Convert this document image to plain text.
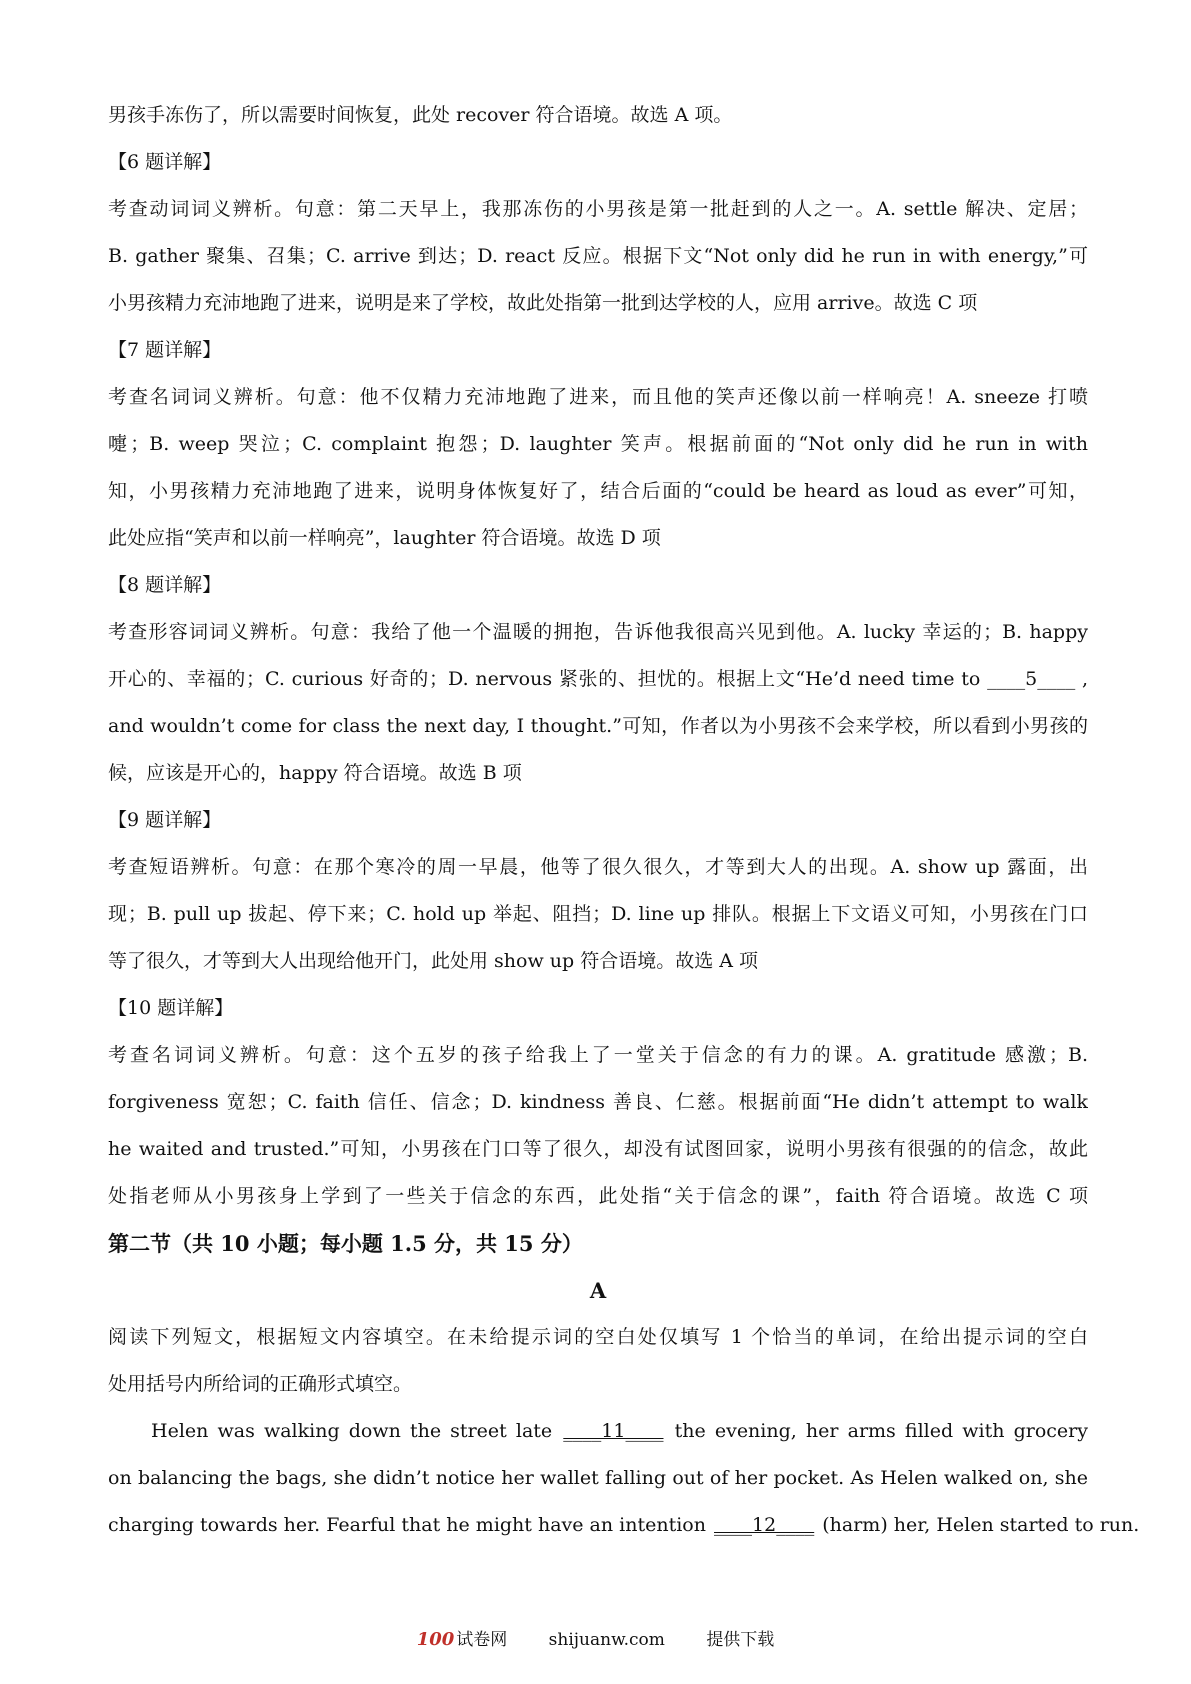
男孩手冻伤了，所以需要时间恢复，此处 recover 符合语境。故选 A 项。
【6 题详解】
考查动词词义辨析。句意：第二天早上，我那冻伤的小男孩是第一批赶到的人之一。A. settle 解决、定居；
B. gather 聚集、召集；C. arrive 到达；D. react 反应。根据下文“Not only did he run in with energy,”可
小男孩精力充沛地跑了进来，说明是来了学校，故此处指第一批到达学校的人，应用 arrive。故选 C 项
【7 题详解】
考查名词词义辨析。句意：他不仅精力充沛地跑了进来，而且他的笑声还像以前一样响亮！A. sneeze 打喷
嚏；B. weep 哭泣；C. complaint 抱怨；D. laughter 笑声。根据前面的“Not only did he run in with
知，小男孩精力充沛地跑了进来，说明身体恢复好了，结合后面的“could be heard as loud as ever”可知，
此处应指“笑声和以前一样响亮”，laughter 符合语境。故选 D 项
【8 题详解】
考查形容词词义辨析。句意：我给了他一个温暖的拥抱，告诉他我很高兴见到他。A. lucky 幸运的；B. happy
开心的、幸福的；C. curious 好奇的；D. nervous 紧张的、担忧的。根据上文“He’d need time to ____5____ ,
and wouldn’t come for class the next day, I thought.”可知，作者以为小男孩不会来学校，所以看到小男孩的
候，应该是开心的，happy 符合语境。故选 B 项
【9 题详解】
考查短语辨析。句意：在那个寒冷的周一早晨，他等了很久很久，才等到大人的出现。A. show up 露面，出
现；B. pull up 拔起、停下来；C. hold up 举起、阻挡；D. line up 排队。根据上下文语义可知，小男孩在门口
等了很久，才等到大人出现给他开门，此处用 show up 符合语境。故选 A 项
【10 题详解】
考查名词词义辨析。句意：这个五岁的孩子给我上了一堂关于信念的有力的课。A. gratitude 感激；B.
forgiveness 宽恕；C. faith 信任、信念；D. kindness 善良、仁慈。根据前面“He didn’t attempt to walk
he waited and trusted.”可知，小男孩在门口等了很久，却没有试图回家，说明小男孩有很强的的信念，故此
处指老师从小男孩身上学到了一些关于信念的东西，此处指“关于信念的课”，faith 符合语境。故选 C 项
第二节（共 10 小题；每小题 1.5 分，共 15 分）
A
阅读下列短文，根据短文内容填空。在未给提示词的空白处仅填写 1 个恰当的单词，在给出提示词的空白
处用括号内所给词的正确形式填空。
Helen was walking down the street late ____11____ the evening, her arms filled with grocery
on balancing the bags, she didn’t notice her wallet falling out of her pocket. As Helen walked on, she
charging towards her. Fearful that he might have an intention ____12____ (harm) her, Helen started to run.
100 试卷网 shijuanw.com 提供下载
